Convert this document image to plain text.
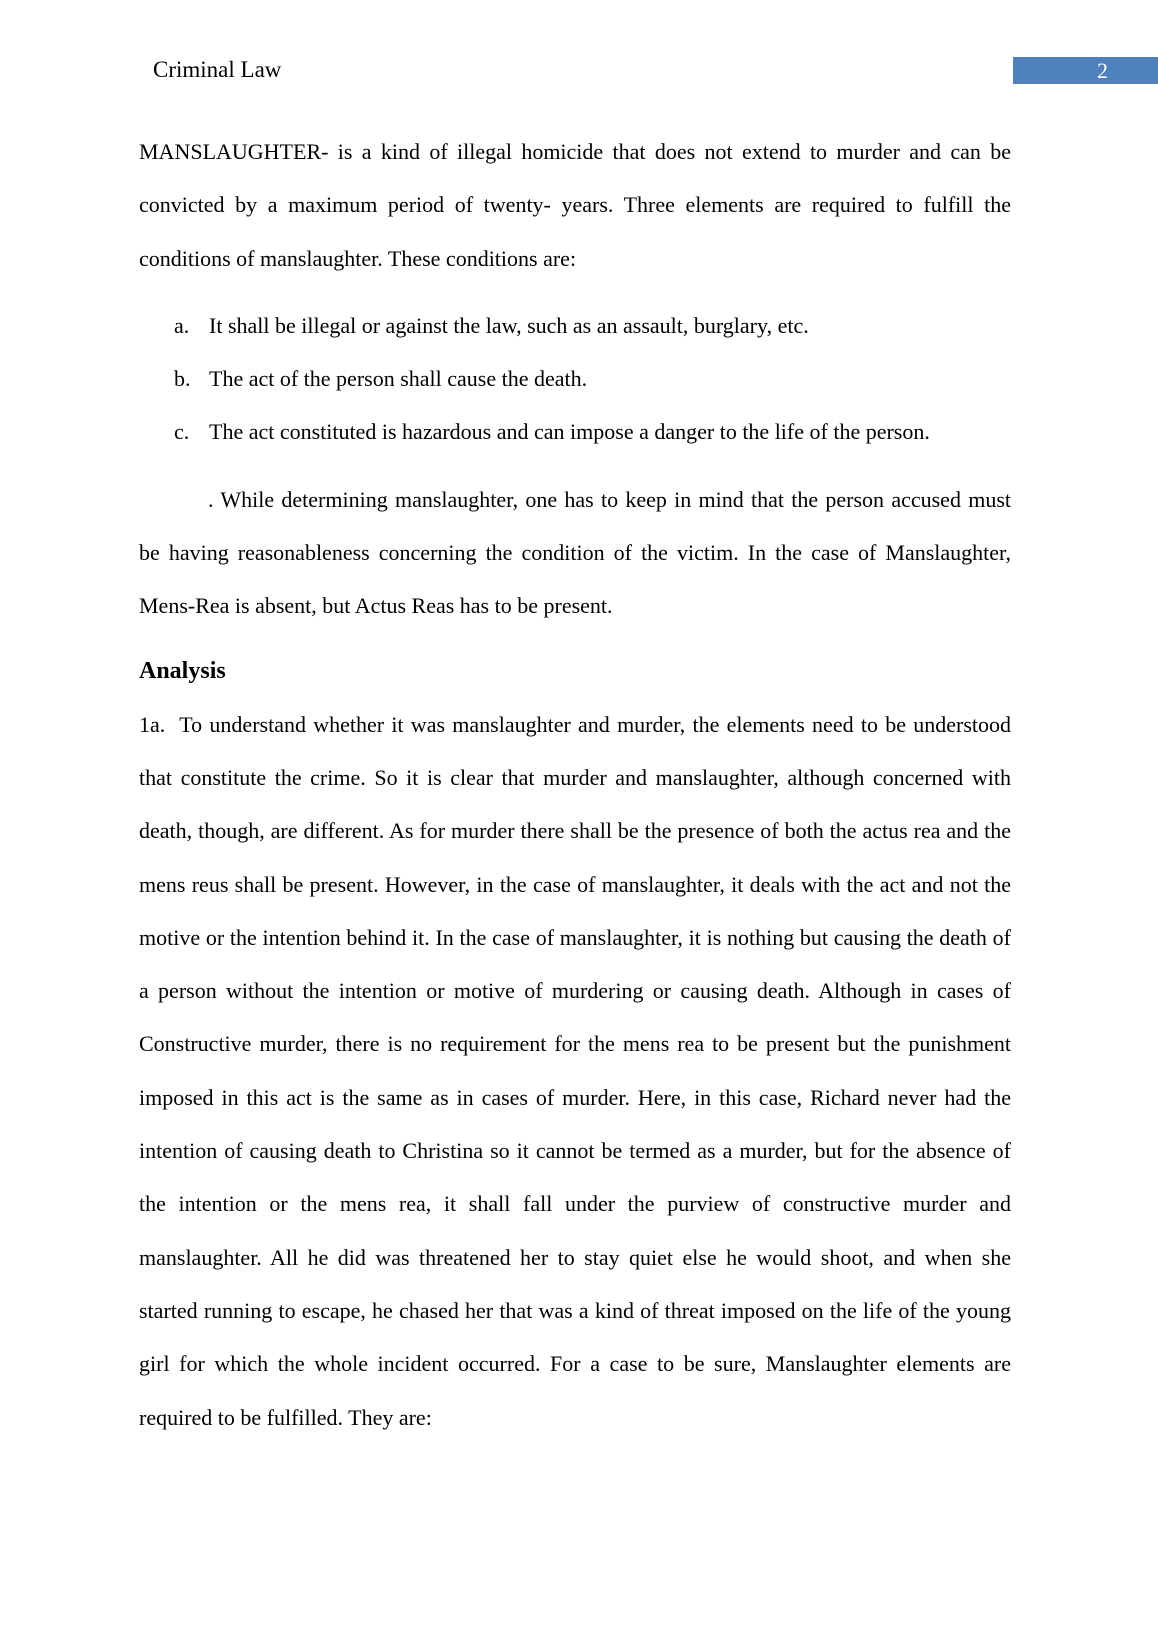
Criminal Law	2

MANSLAUGHTER- is a kind of illegal homicide that does not extend to murder and can be convicted by a maximum period of twenty- years. Three elements are required to fulfill the conditions of manslaughter. These conditions are:

a. It shall be illegal or against the law, such as an assault, burglary, etc.
b. The act of the person shall cause the death.
c. The act constituted is hazardous and can impose a danger to the life of the person.

. While determining manslaughter, one has to keep in mind that the person accused must be having reasonableness concerning the condition of the victim. In the case of Manslaughter, Mens-Rea is absent, but Actus Reas has to be present.

Analysis

1a. To understand whether it was manslaughter and murder, the elements need to be understood that constitute the crime. So it is clear that murder and manslaughter, although concerned with death, though, are different. As for murder there shall be the presence of both the actus rea and the mens reus shall be present. However, in the case of manslaughter, it deals with the act and not the motive or the intention behind it. In the case of manslaughter, it is nothing but causing the death of a person without the intention or motive of murdering or causing death. Although in cases of Constructive murder, there is no requirement for the mens rea to be present but the punishment imposed in this act is the same as in cases of murder. Here, in this case, Richard never had the intention of causing death to Christina so it cannot be termed as a murder, but for the absence of the intention or the mens rea, it shall fall under the purview of constructive murder and manslaughter. All he did was threatened her to stay quiet else he would shoot, and when she started running to escape, he chased her that was a kind of threat imposed on the life of the young girl for which the whole incident occurred. For a case to be sure, Manslaughter elements are required to be fulfilled. They are:
